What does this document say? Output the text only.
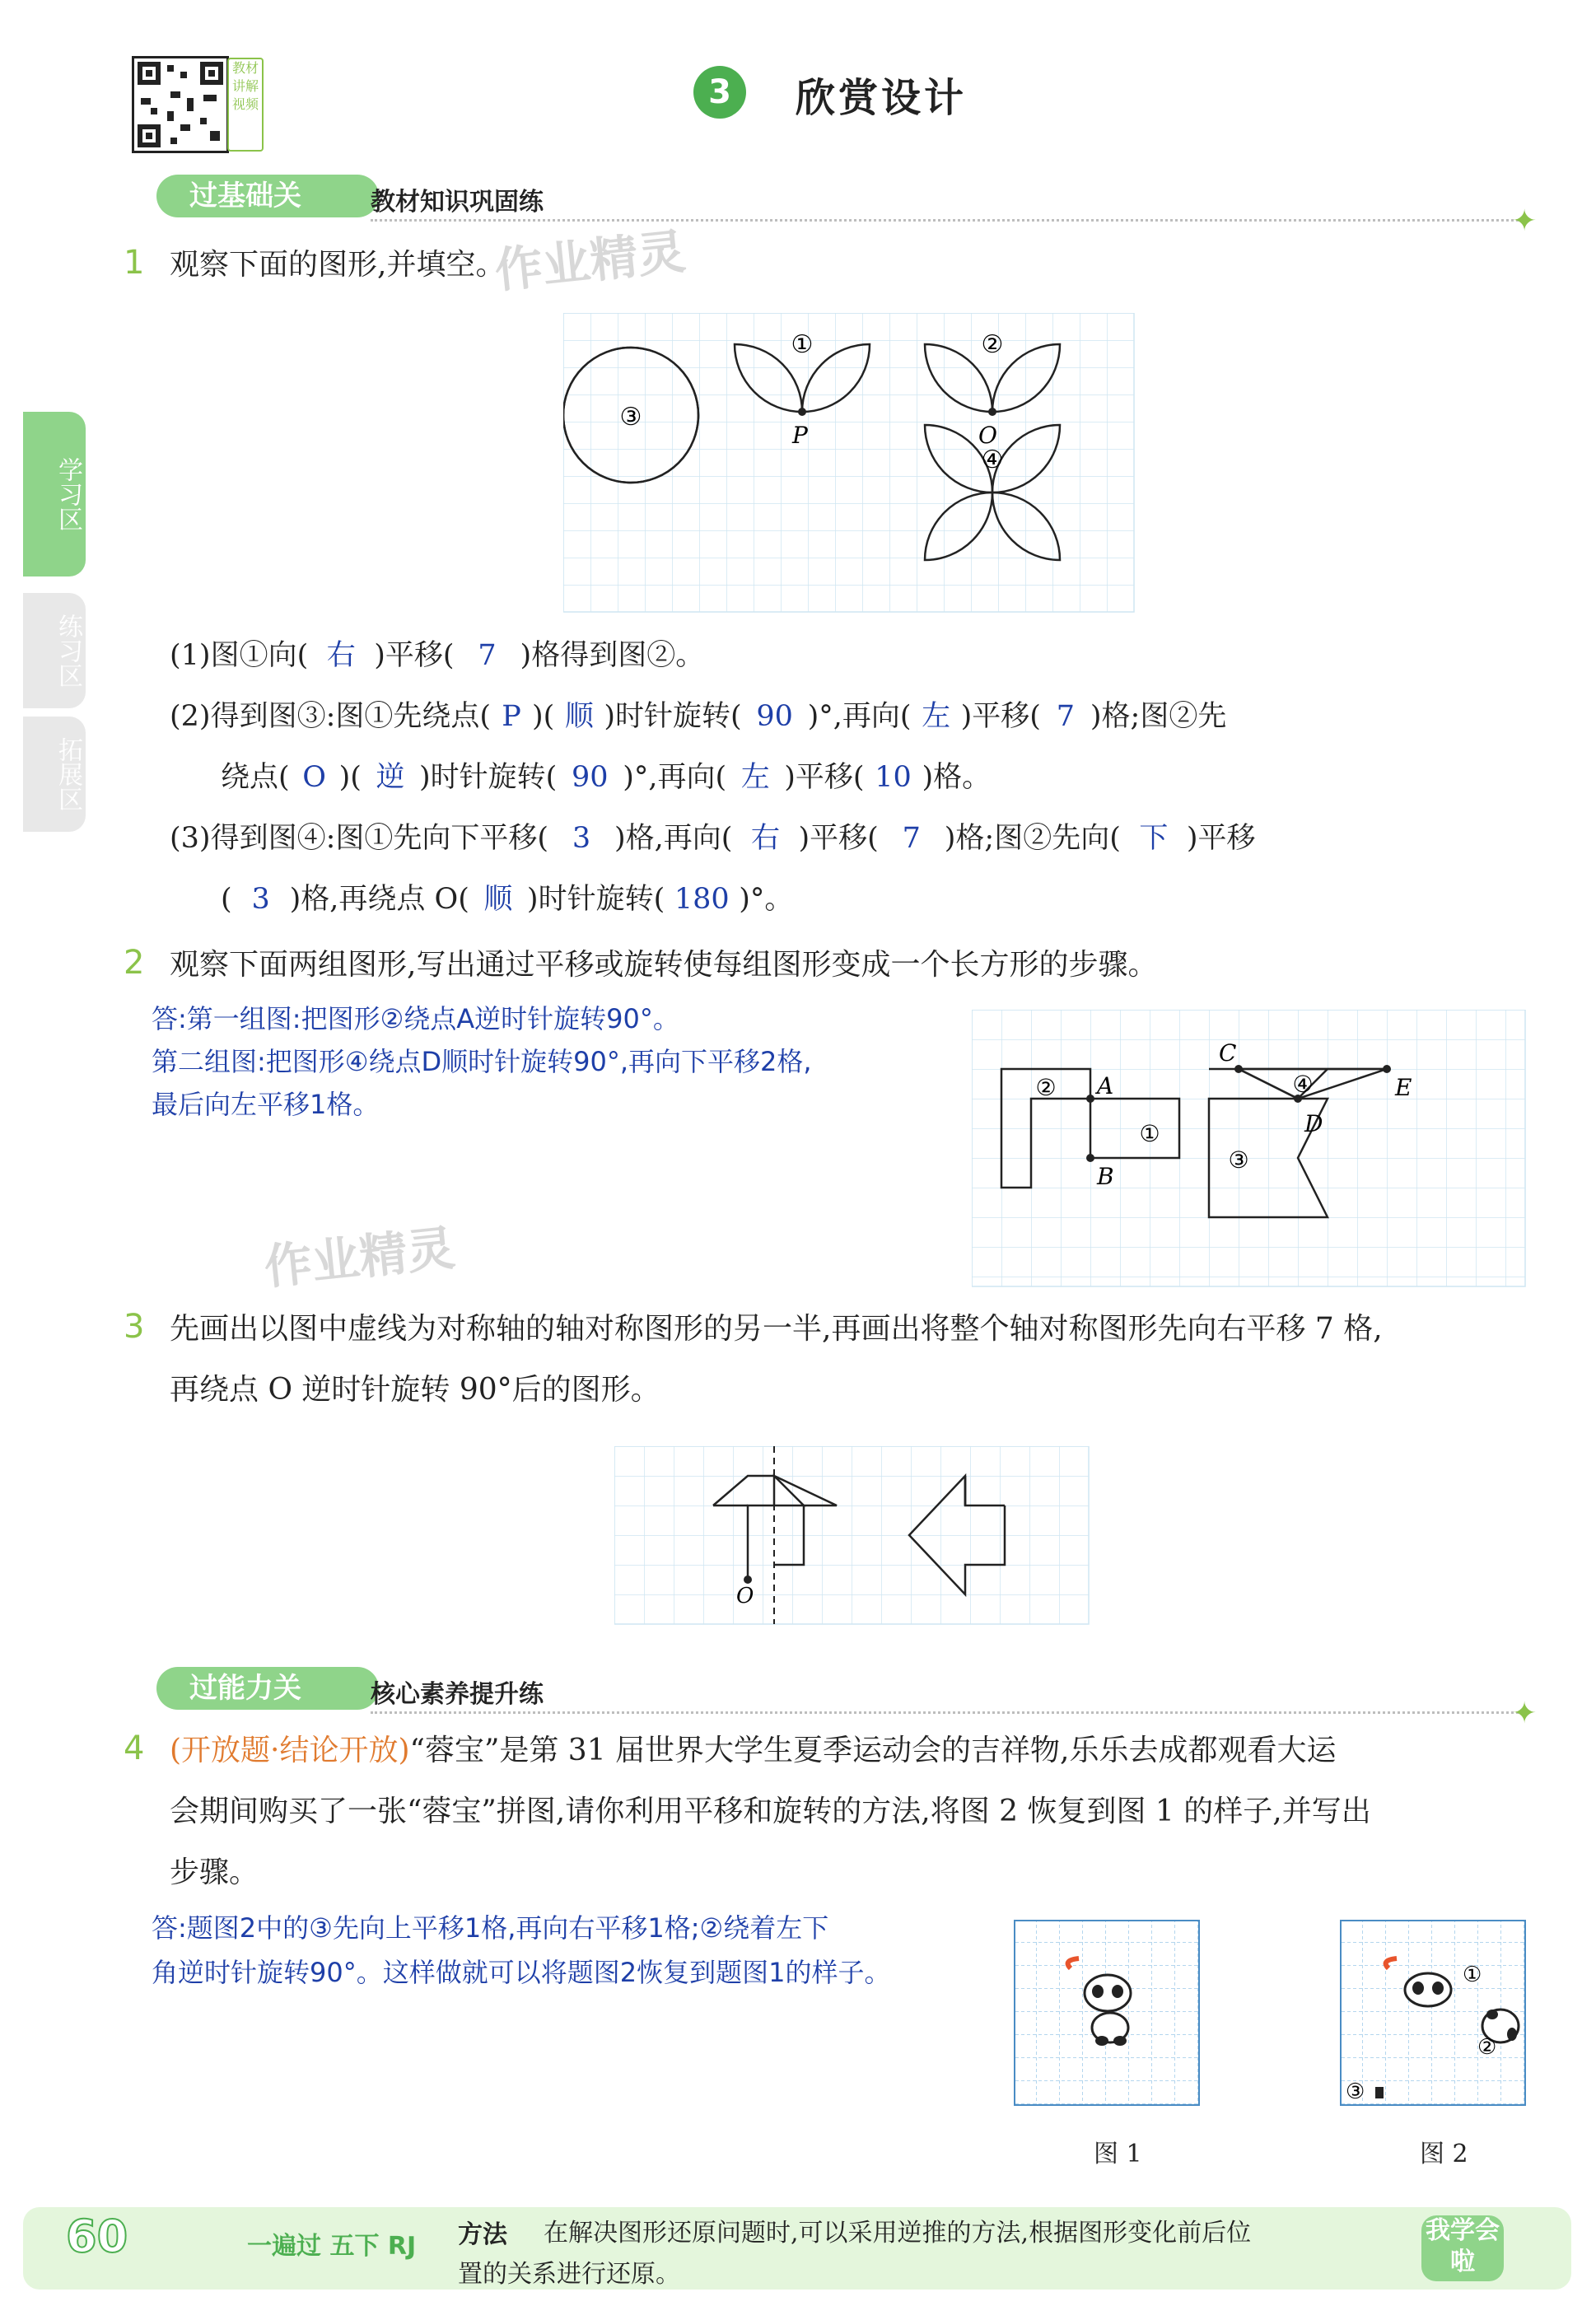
教材讲解视频	3	欣赏设计
学习区
练习区
拓展区
过基础关	教材知识巩固练
✦
1 观察下面的图形,并填空。
作业精灵
③
①
P
②
O
④
(1)图①向( 右 )平移( 7 )格得到图②。
(2)得到图③:图①先绕点( P )( 顺 )时针旋转( 90 )°,再向( 左 )平移( 7 )格;图②先
绕点( O )( 逆 )时针旋转( 90 )°,再向( 左 )平移( 10 )格。
(3)得到图④:图①先向下平移( 3 )格,再向( 右 )平移( 7 )格;图②先向( 下 )平移
( 3 )格,再绕点 O( 顺 )时针旋转( 180 )°。
2 观察下面两组图形,写出通过平移或旋转使每组图形变成一个长方形的步骤。
答:第一组图:把图形②绕点A逆时针旋转90°。
第二组图:把图形④绕点D顺时针旋转90°,再向下平移2格,
最后向左平移1格。
作业精灵
②
①
③
④
A
B
C
D
E
3 先画出以图中虚线为对称轴的轴对称图形的另一半,再画出将整个轴对称图形先向右平移 7 格,
再绕点 O 逆时针旋转 90°后的图形。
O
过能力关	核心素养提升练
✦
4 (开放题·结论开放)“蓉宝”是第 31 届世界大学生夏季运动会的吉祥物,乐乐去成都观看大运
会期间购买了一张“蓉宝”拼图,请你利用平移和旋转的方法,将图 2 恢复到图 1 的样子,并写出
步骤。
答:题图2中的③先向上平移1格,再向右平移1格;②绕着左下
角逆时针旋转90°。这样做就可以将题图2恢复到题图1的样子。	①
②
③
图 1	图 2
60	一遍过 五下 RJ 方法 在解决图形还原问题时,可以采用逆推的方法,根据图形变化前后位
置的关系进行还原。
我学会啦
